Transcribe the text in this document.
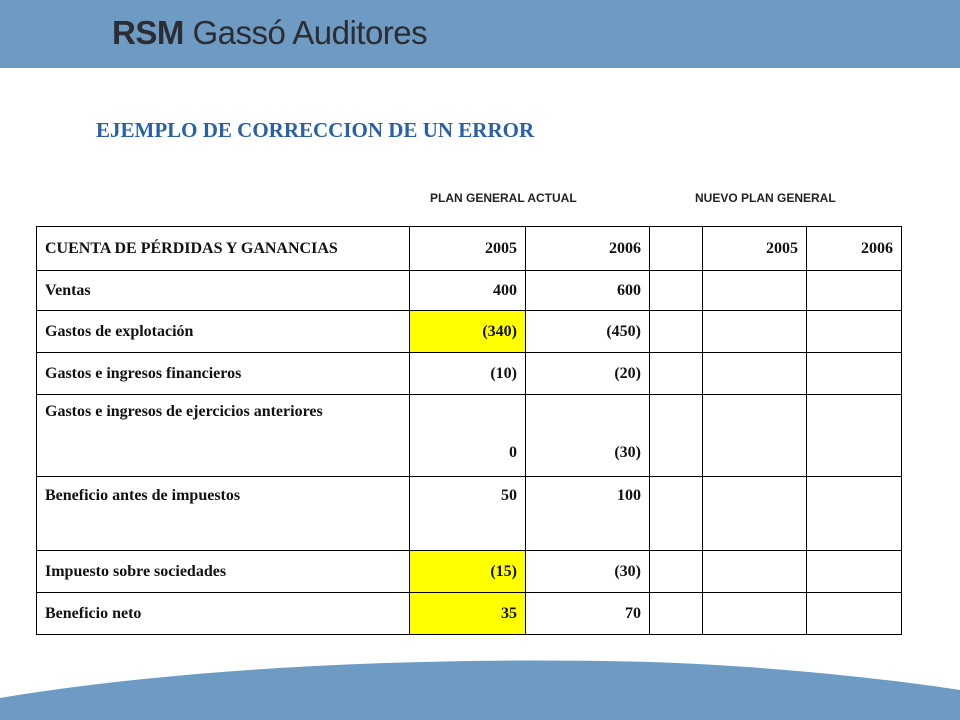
RSM Gassó Auditores
EJEMPLO DE CORRECCION DE UN ERROR
PLAN GENERAL ACTUAL	NUEVO PLAN GENERAL
CUENTA DE PÉRDIDAS Y GANANCIAS	2005	2006		2005	2006
Ventas	400	600			
Gastos de explotación	(340)	(450)			
Gastos e ingresos financieros	(10)	(20)			
Gastos e ingresos de ejercicios anteriores	0	(30)			
Beneficio antes de impuestos	50	100			
Impuesto sobre sociedades	(15)	(30)			
Beneficio neto	35	70			
